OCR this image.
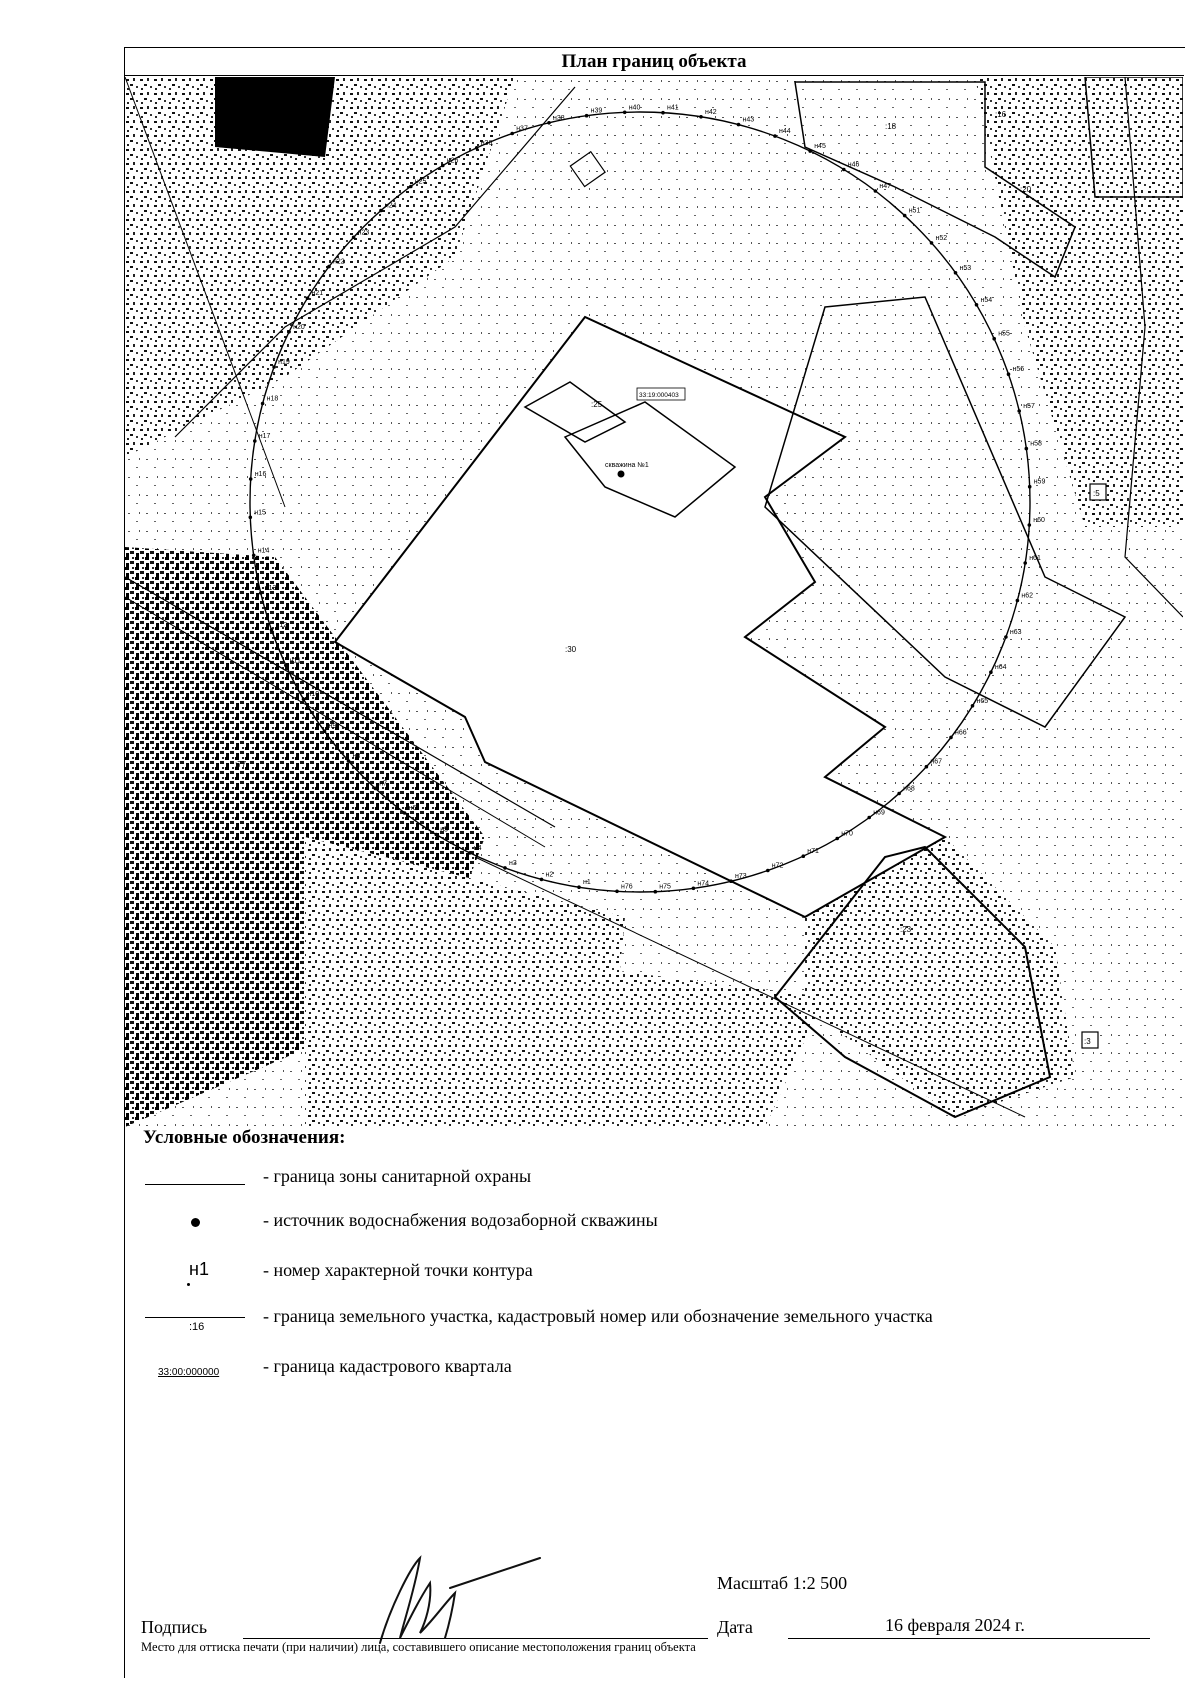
План границ объекта
скважина №1
:30
:25
:23
:18
:16
:77
:5
:3
:20
33:19:000403
н1
н2
н3
н4
н5
н6
н7
н8
н9
н10
н11
н12
н13
н14
н15
н16
н17
н18
н19
н20
н21
н22
н23
н24
н25
н26
н36
н37
н38
н39	н40	н41
н42
н43
н44
н45
н46
н47
н51
н52
н53
н54
н55
н56
н57
н58
н59
н60
н61
н62
н63
н64
н65
н66
н67
н68
н69
н70
н71
н72
н73
н74
н75
н76
Условные обозначения:
- граница зоны санитарной охраны
- источник водоснабжения водозаборной скважины
н1	- номер характерной точки контура
:16
- граница земельного участка, кадастровый номер или обозначение земельного участка
33:00:000000 - граница кадастрового квартала
Масштаб 1:2 500
Подпись	Дата	16 февраля 2024 г.
Место для оттиска печати (при наличии) лица, составившего описание местоположения границ объекта
